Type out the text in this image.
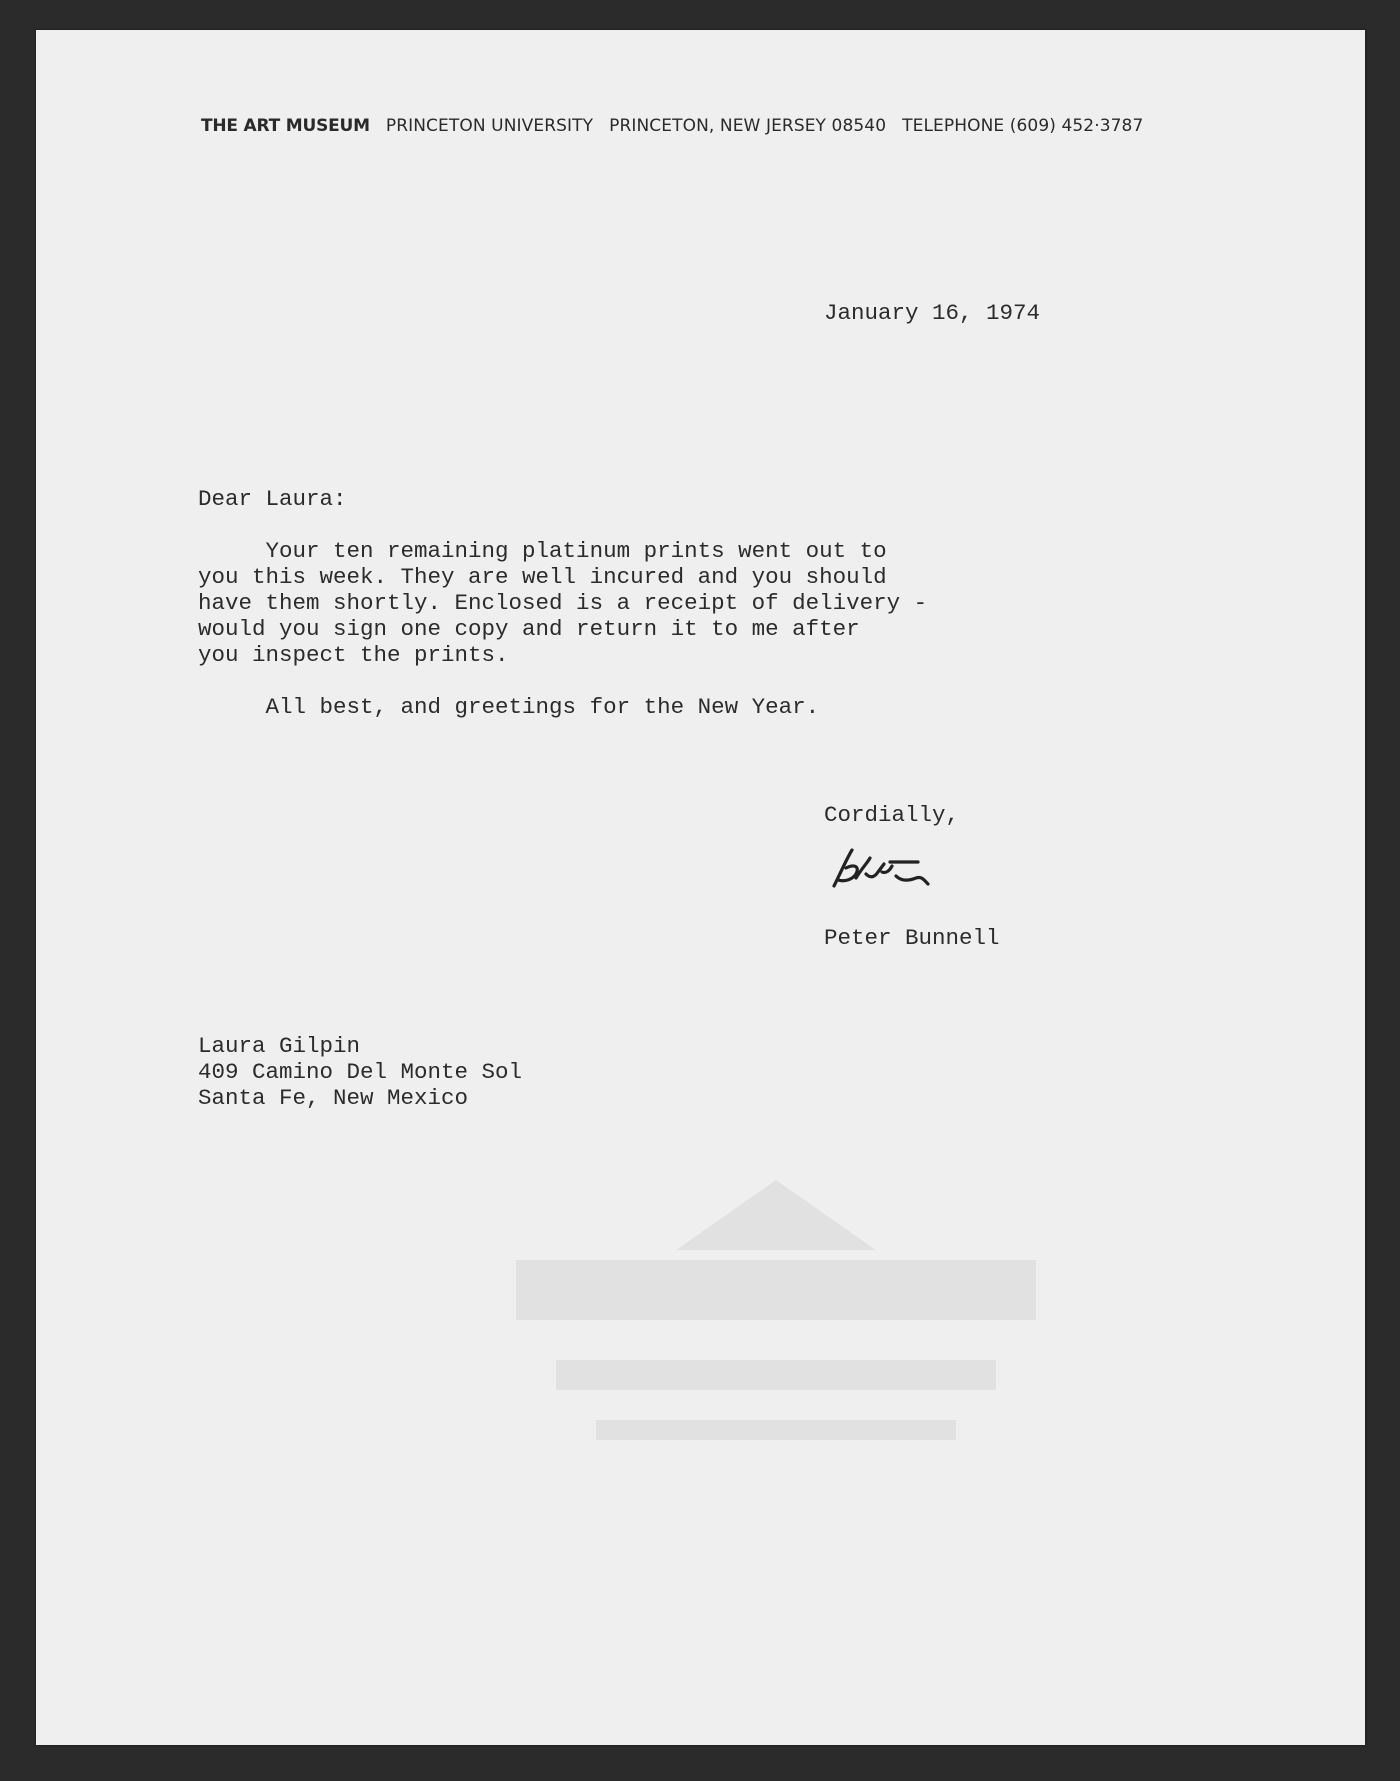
THE ART MUSEUM PRINCETON UNIVERSITY PRINCETON, NEW JERSEY 08540 TELEPHONE (609) 452·3787
January 16, 1974
Dear Laura:
Your ten remaining platinum prints went out to
you this week. They are well incured and you should
have them shortly. Enclosed is a receipt of delivery -
would you sign one copy and return it to me after
you inspect the prints.
All best, and greetings for the New Year.
Cordially,
Peter Bunnell
Laura Gilpin
409 Camino Del Monte Sol
Santa Fe, New Mexico
